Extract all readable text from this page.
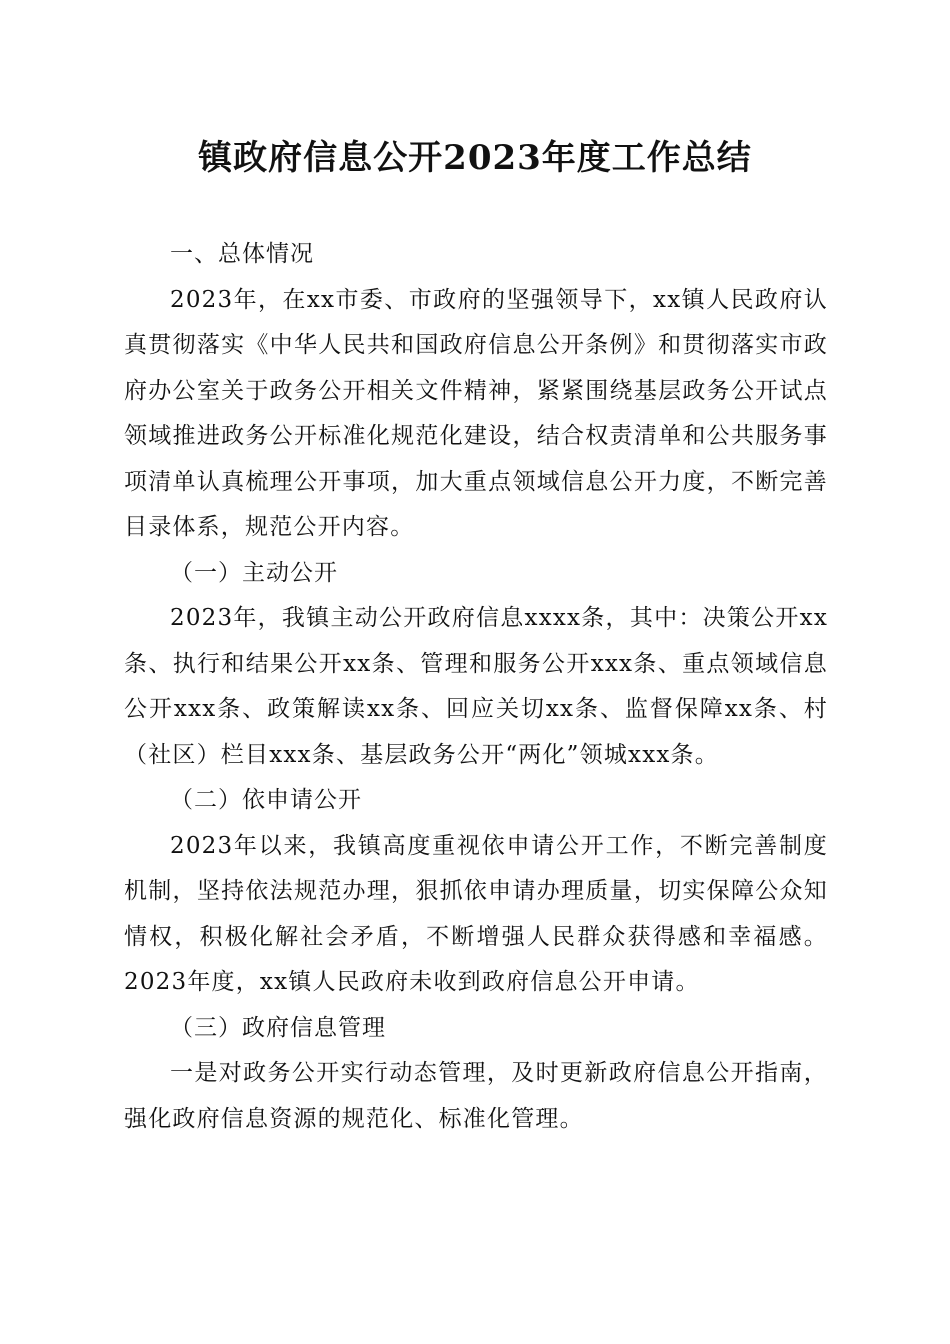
镇政府信息公开2023年度工作总结

一、总体情况

2023年，在xx市委、市政府的坚强领导下，xx镇人民政府认真贯彻落实《中华人民共和国政府信息公开条例》和贯彻落实市政府办公室关于政务公开相关文件精神，紧紧围绕基层政务公开试点领域推进政务公开标准化规范化建设，结合权责清单和公共服务事项清单认真梳理公开事项，加大重点领域信息公开力度，不断完善目录体系，规范公开内容。

（一）主动公开

2023年，我镇主动公开政府信息xxxx条，其中：决策公开xx条、执行和结果公开xx条、管理和服务公开xxx条、重点领域信息公开xxx条、政策解读xx条、回应关切xx条、监督保障xx条、村（社区）栏目xxx条、基层政务公开“两化”领城xxx条。

（二）依申请公开

2023年以来，我镇高度重视依申请公开工作，不断完善制度机制，坚持依法规范办理，狠抓依申请办理质量，切实保障公众知情权，积极化解社会矛盾，不断增强人民群众获得感和幸福感。2023年度，xx镇人民政府未收到政府信息公开申请。

（三）政府信息管理

一是对政务公开实行动态管理，及时更新政府信息公开指南，强化政府信息资源的规范化、标准化管理。
